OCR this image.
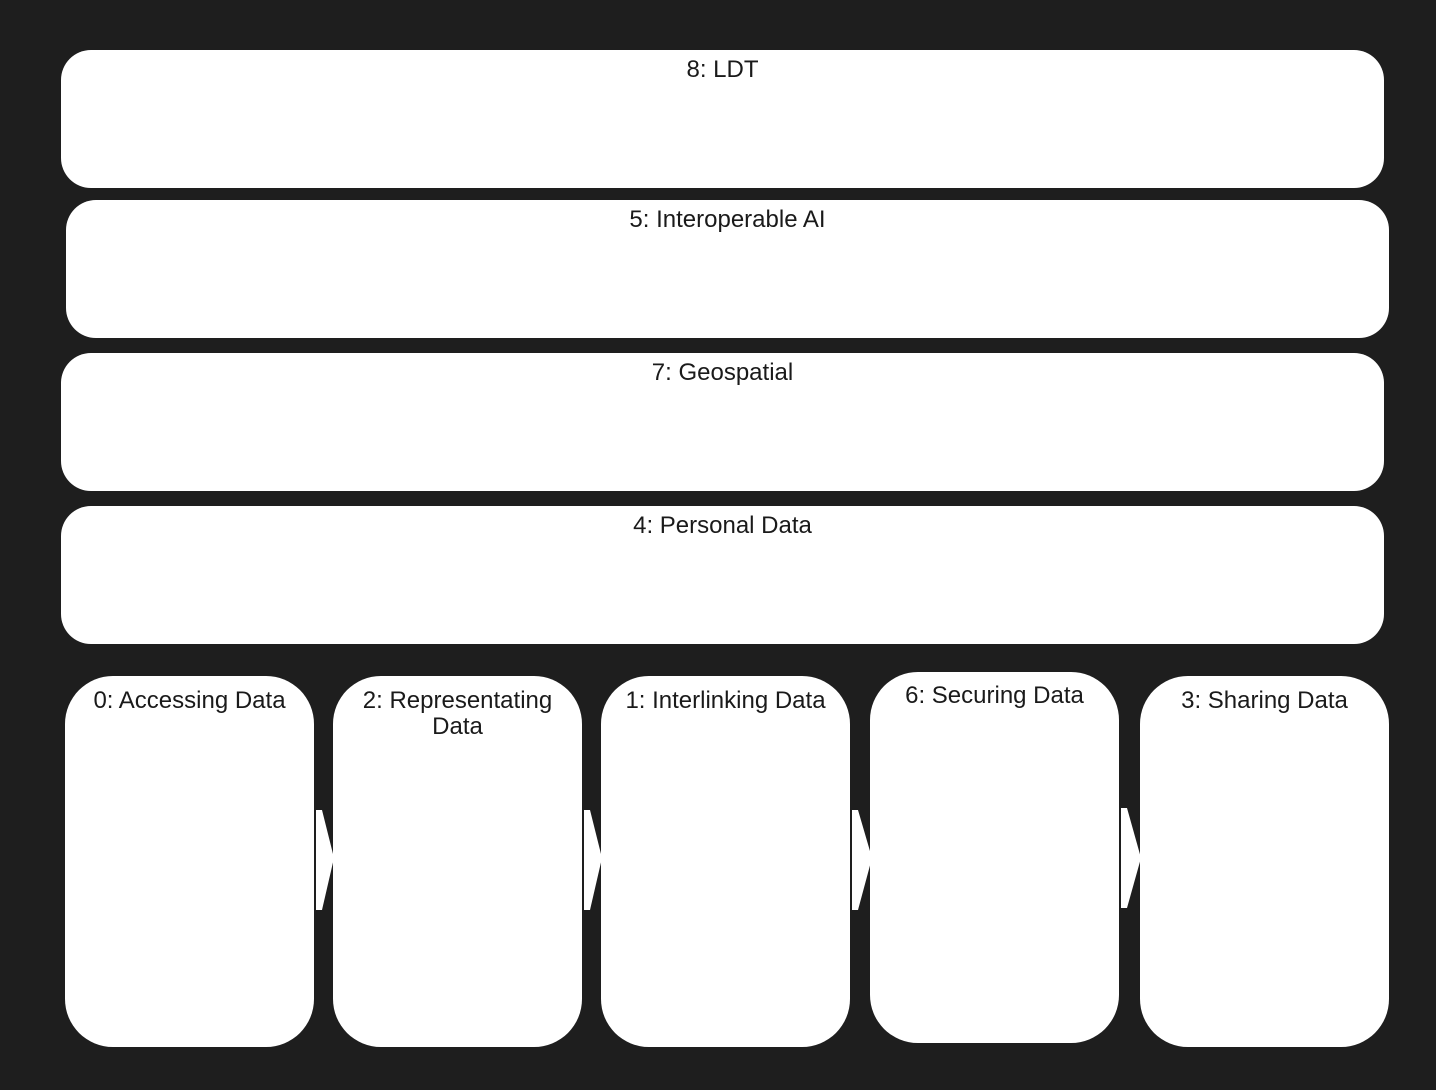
8: LDT
5: Interoperable AI
7: Geospatial
4: Personal Data
0: Accessing Data	2: Representating Data
1: Interlinking Data	6: Securing Data	3: Sharing Data
